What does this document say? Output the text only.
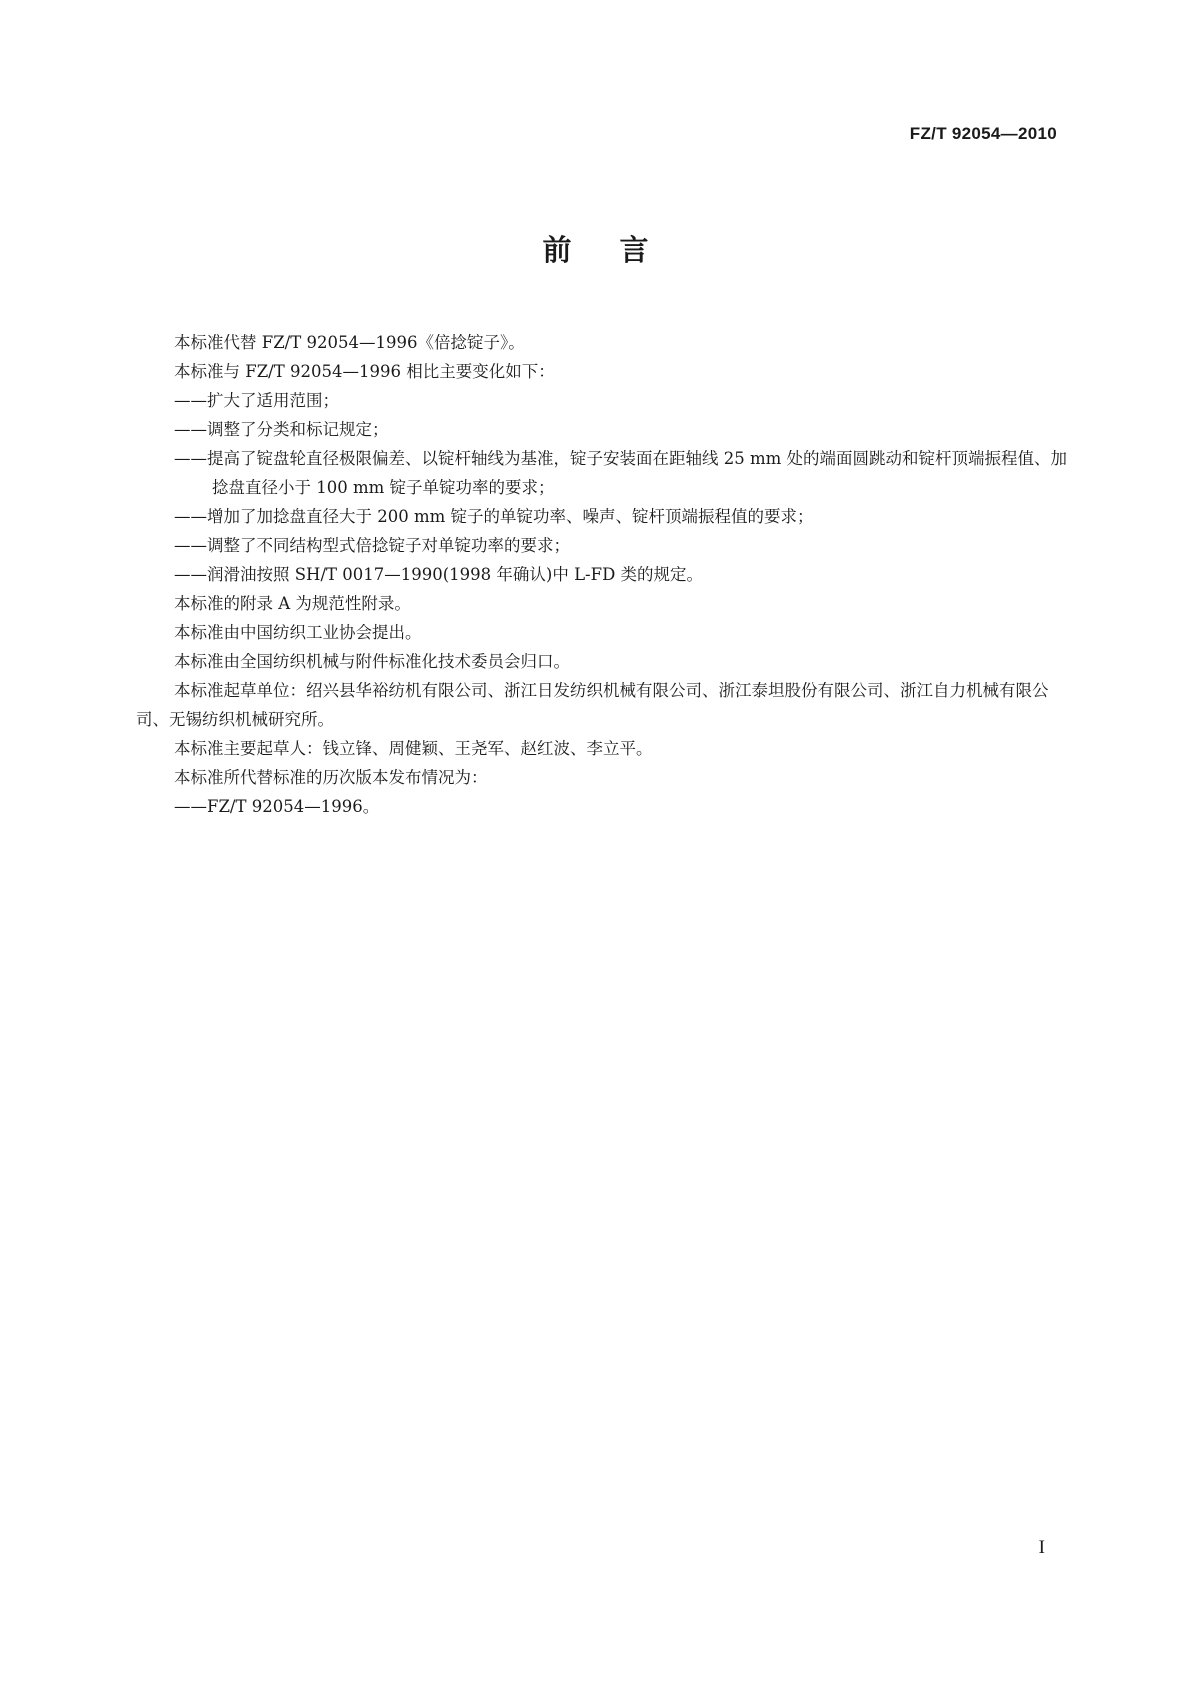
FZ/T 92054—2010
前言

本标准代替 FZ/T 92054—1996《倍捻锭子》。

本标准与 FZ/T 92054—1996 相比主要变化如下：

——扩大了适用范围；

——调整了分类和标记规定；

——提高了锭盘轮直径极限偏差、以锭杆轴线为基准，锭子安装面在距轴线 25 mm 处的端面圆跳动和锭杆顶端振程值、加捻盘直径小于 100 mm 锭子单锭功率的要求；

——增加了加捻盘直径大于 200 mm 锭子的单锭功率、噪声、锭杆顶端振程值的要求；

——调整了不同结构型式倍捻锭子对单锭功率的要求；

——润滑油按照 SH/T 0017—1990(1998 年确认)中 L-FD 类的规定。

本标准的附录 A 为规范性附录。

本标准由中国纺织工业协会提出。

本标准由全国纺织机械与附件标准化技术委员会归口。

本标准起草单位：绍兴县华裕纺机有限公司、浙江日发纺织机械有限公司、浙江泰坦股份有限公司、浙江自力机械有限公司、无锡纺织机械研究所。

本标准主要起草人：钱立锋、周健颖、王尧军、赵红波、李立平。

本标准所代替标准的历次版本发布情况为：

——FZ/T 92054—1996。

I
